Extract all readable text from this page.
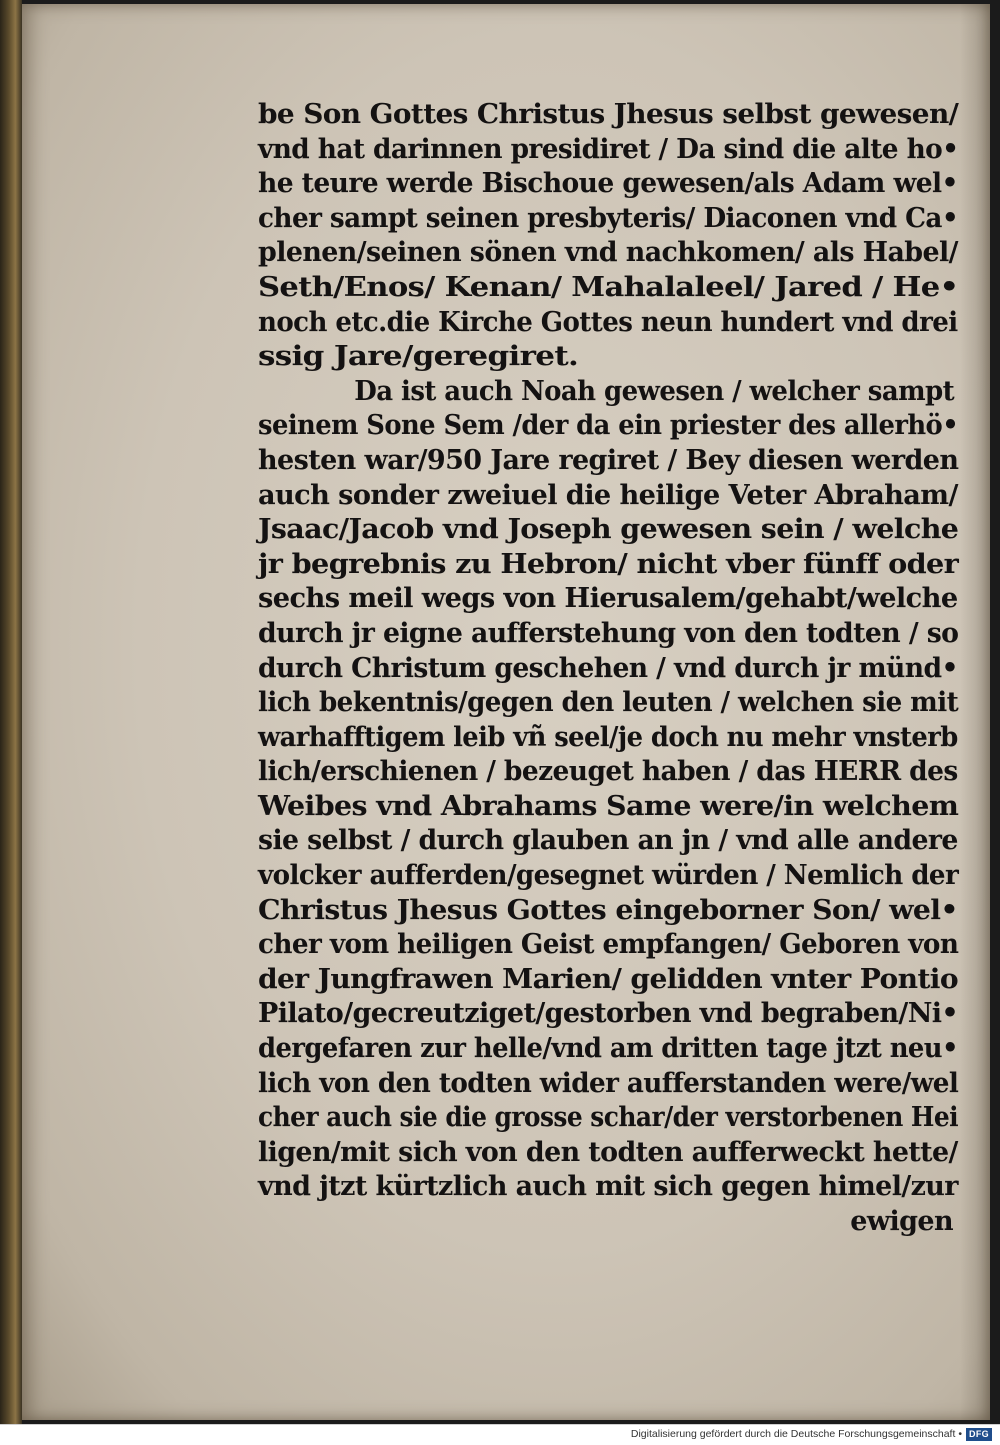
be Son Gottes Christus Jhesus selbst gewesen/
vnd hat darinnen presidiret / Da sind die alte ho•
he teure werde Bischoue gewesen/als Adam wel•
cher sampt seinen presbyteris/ Diaconen vnd Ca•
plenen/seinen sönen vnd nachkomen/ als Habel/
Seth/Enos/ Kenan/ Mahalaleel/ Jared / He•
noch etc.die Kirche Gottes neun hundert vnd drei
ssig Jare/geregiret.
Da ist auch Noah gewesen / welcher sampt
seinem Sone Sem /der da ein priester des allerhö•
hesten war/950 Jare regiret / Bey diesen werden
auch sonder zweiuel die heilige Veter Abraham/
Jsaac/Jacob vnd Joseph gewesen sein / welche
jr begrebnis zu Hebron/ nicht vber fünff oder
sechs meil wegs von Hierusalem/gehabt/welche
durch jr eigne aufferstehung von den todten / so
durch Christum geschehen / vnd durch jr münd•
lich bekentnis/gegen den leuten / welchen sie mit
warhafftigem leib vñ seel/je doch nu mehr vnsterb
lich/erschienen / bezeuget haben / das HERR des
Weibes vnd Abrahams Same were/in welchem
sie selbst / durch glauben an jn / vnd alle andere
volcker aufferden/gesegnet würden / Nemlich der
Christus Jhesus Gottes eingeborner Son/ wel•
cher vom heiligen Geist empfangen/ Geboren von
der Jungfrawen Marien/ gelidden vnter Pontio
Pilato/gecreutziget/gestorben vnd begraben/Ni•
dergefaren zur helle/vnd am dritten tage jtzt neu•
lich von den todten wider aufferstanden were/wel
cher auch sie die grosse schar/der verstorbenen Hei
ligen/mit sich von den todten aufferweckt hette/
vnd jtzt kürtzlich auch mit sich gegen himel/zur
ewigen
Digitalisierung gefördert durch die Deutsche Forschungsgemeinschaft • DFG
